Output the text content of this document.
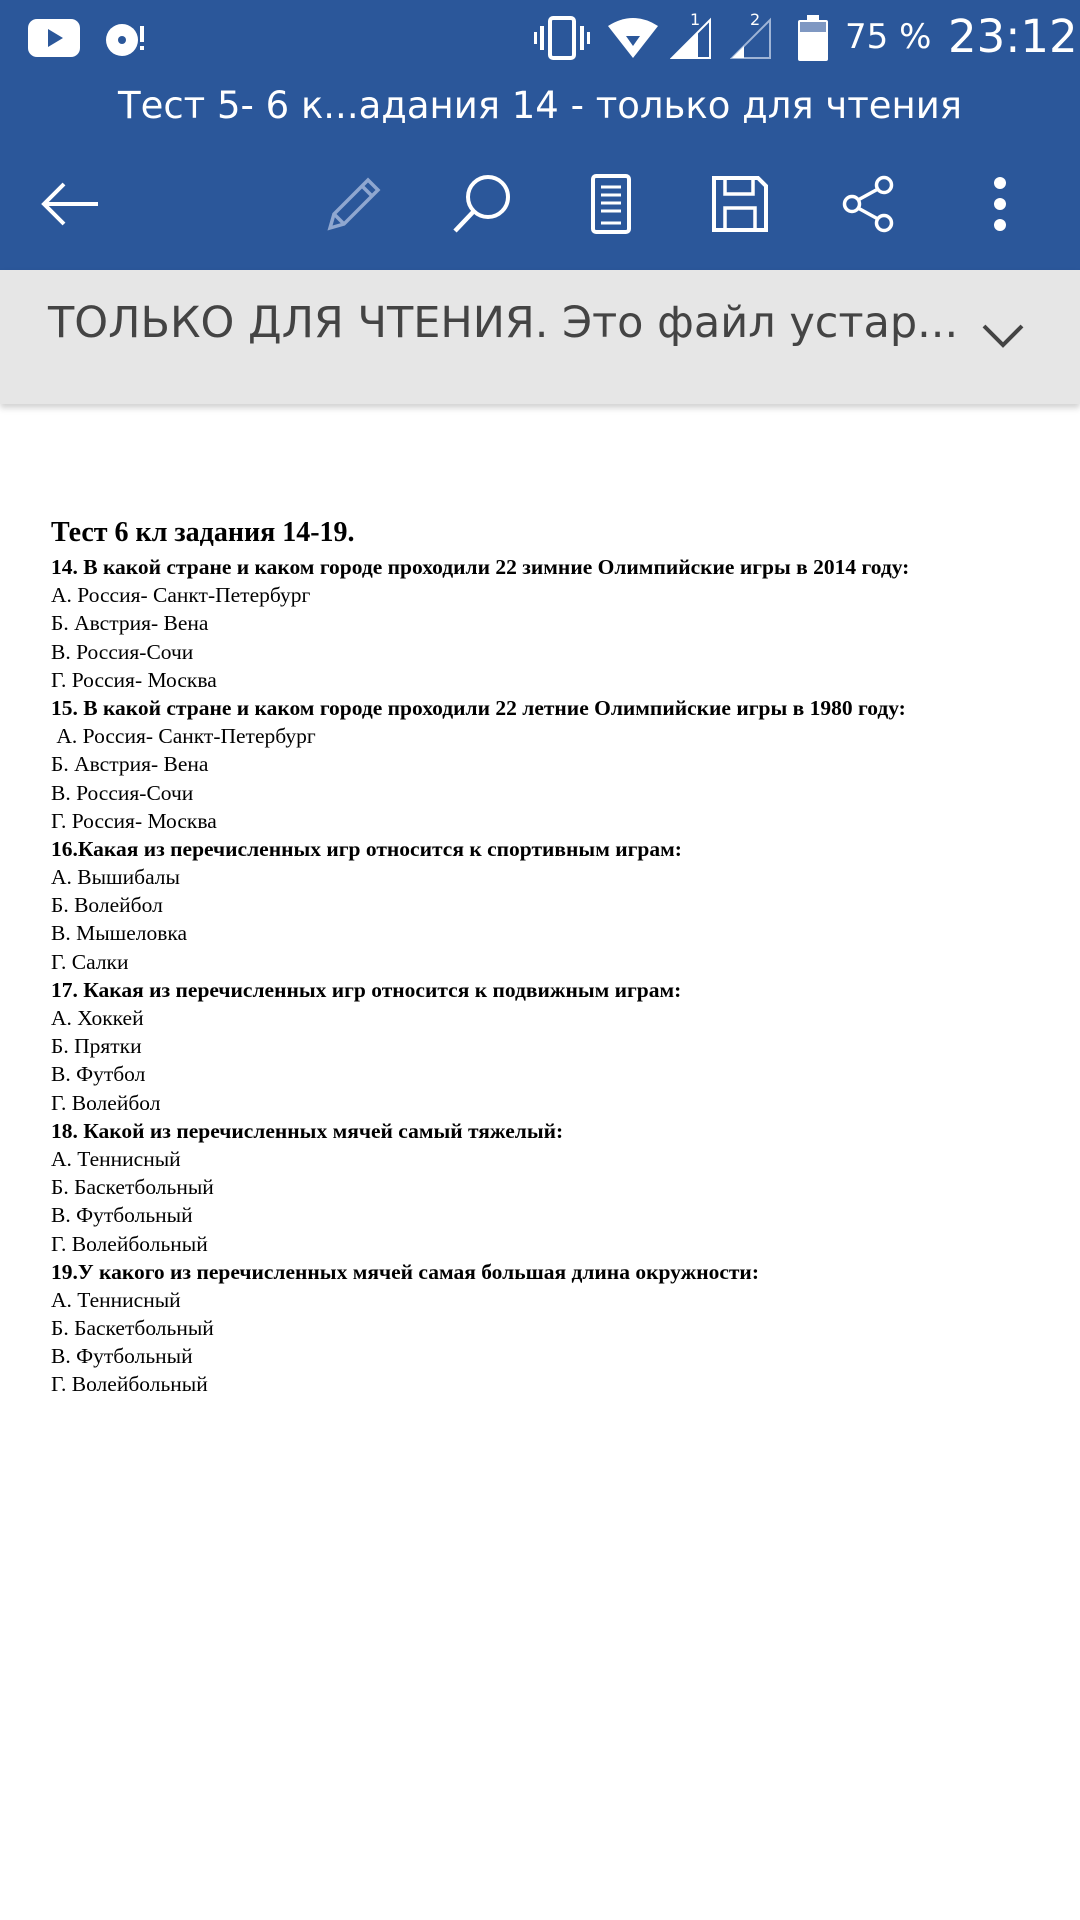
1	2 75 % 23:12
Тест 5- 6 к...адания 14 - только для чтения
ТОЛЬКО ДЛЯ ЧТЕНИЯ. Это файл устар...
Тест 6 кл задания 14-19.
14. В какой стране и каком городе проходили 22 зимние Олимпийские игры в 2014 году:
А. Россия- Санкт-Петербург
Б. Австрия- Вена
В. Россия-Сочи
Г. Россия- Москва
15. В какой стране и каком городе проходили 22 летние Олимпийские игры в 1980 году:
А. Россия- Санкт-Петербург
Б. Австрия- Вена
В. Россия-Сочи
Г. Россия- Москва
16.Какая из перечисленных игр относится к спортивным играм:
А. Вышибалы
Б. Волейбол
В. Мышеловка
Г. Салки
17. Какая из перечисленных игр относится к подвижным играм:
А. Хоккей
Б. Прятки
В. Футбол
Г. Волейбол
18. Какой из перечисленных мячей самый тяжелый:
А. Теннисный
Б. Баскетбольный
В. Футбольный
Г. Волейбольный
19.У какого из перечисленных мячей самая большая длина окружности:
А. Теннисный
Б. Баскетбольный
В. Футбольный
Г. Волейбольный
